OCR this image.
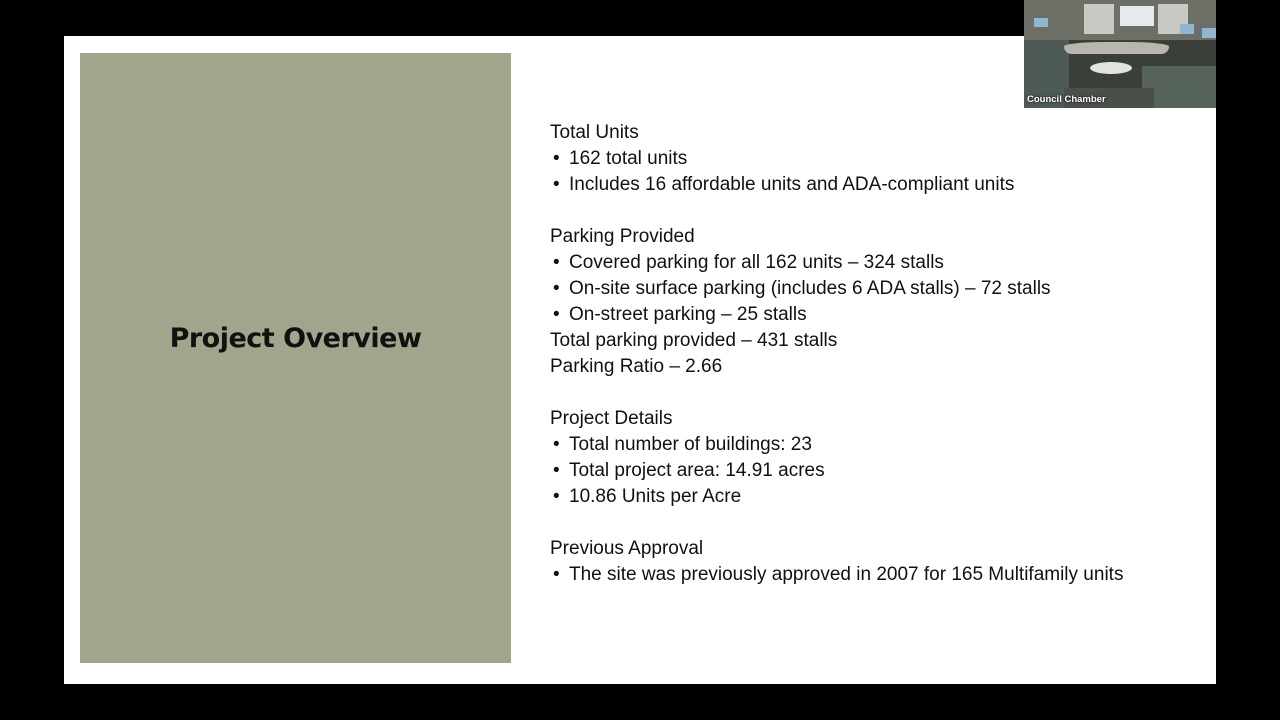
Project Overview
Total Units
• 162 total units
• Includes 16 affordable units and ADA-compliant units
Parking Provided
• Covered parking for all 162 units – 324 stalls
• On-site surface parking (includes 6 ADA stalls) – 72 stalls
• On-street parking – 25 stalls
Total parking provided – 431 stalls
Parking Ratio – 2.66
Project Details
• Total number of buildings: 23
• Total project area: 14.91 acres
• 10.86 Units per Acre
Previous Approval
• The site was previously approved in 2007 for 165 Multifamily units
Council Chamber
